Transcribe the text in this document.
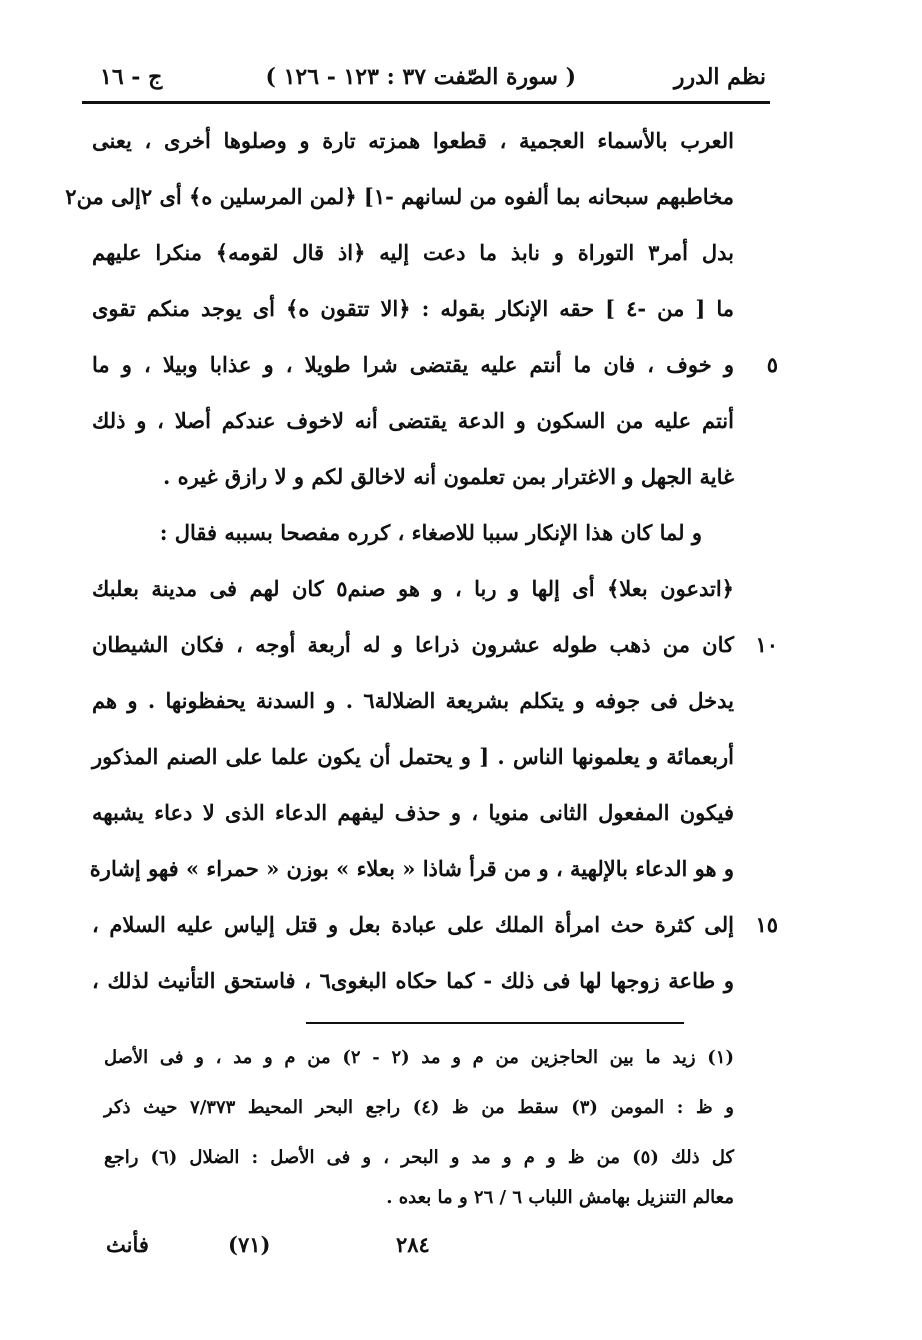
نظم الدرر
( سورة الصّفت ٣٧ : ١٢٣ - ١٢٦ )
ج - ١٦
العرب بالأسماء العجمية ، قطعوا همزته تارة و وصلوها أخرى ، يعنى
مخاطبهم سبحانه بما ألفوه من لسانهم -١] ﴿لمن المرسلين ه﴾ أى ٢إلى من٢
بدل أمر٣ التوراة و نابذ ما دعت إليه ﴿اذ قال لقومه﴾ منكرا عليهم
ما [ من -٤ ] حقه الإنكار بقوله : ﴿الا تتقون ه﴾ أى يوجد منكم تقوى
٥
و خوف ، فان ما أنتم عليه يقتضى شرا طويلا ، و عذابا وبيلا ، و ما
أنتم عليه من السكون و الدعة يقتضى أنه لاخوف عندكم أصلا ، و ذلك
غاية الجهل و الاغترار بمن تعلمون أنه لاخالق لكم و لا رازق غيره .
و لما كان هذا الإنكار سببا للاصغاء ، كرره مفصحا بسببه فقال :
﴿اتدعون بعلا﴾ أى إلها و ربا ، و هو صنم٥ كان لهم فى مدينة بعلبك
١٠
كان من ذهب طوله عشرون ذراعا و له أربعة أوجه ، فكان الشيطان
يدخل فى جوفه و يتكلم بشريعة الضلالة٦ . و السدنة يحفظونها . و هم
أربعمائة و يعلمونها الناس . [ و يحتمل أن يكون علما على الصنم المذكور
فيكون المفعول الثانى منويا ، و حذف ليفهم الدعاء الذى لا دعاء يشبهه
و هو الدعاء بالإلهية ، و من قرأ شاذا « بعلاء » بوزن « حمراء » فهو إشارة
١٥
إلى كثرة حث امرأة الملك على عبادة بعل و قتل إلياس عليه السلام ،
و طاعة زوجها لها فى ذلك - كما حكاه البغوى٦ ، فاستحق التأنيث لذلك ،
(١) زيد ما بين الحاجزين من م و مد (٢ - ٢) من م و مد ، و فى الأصل
و ظ : المومن (٣) سقط من ظ (٤) راجع البحر المحيط ٧/٣٧٣ حيث ذكر
كل ذلك (٥) من ظ و م و مد و البحر ، و فى الأصل : الضلال (٦) راجع
معالم التنزيل بهامش اللباب ٦ / ٢٦ و ما بعده .
٢٨٤
(٧١)
فأنث
